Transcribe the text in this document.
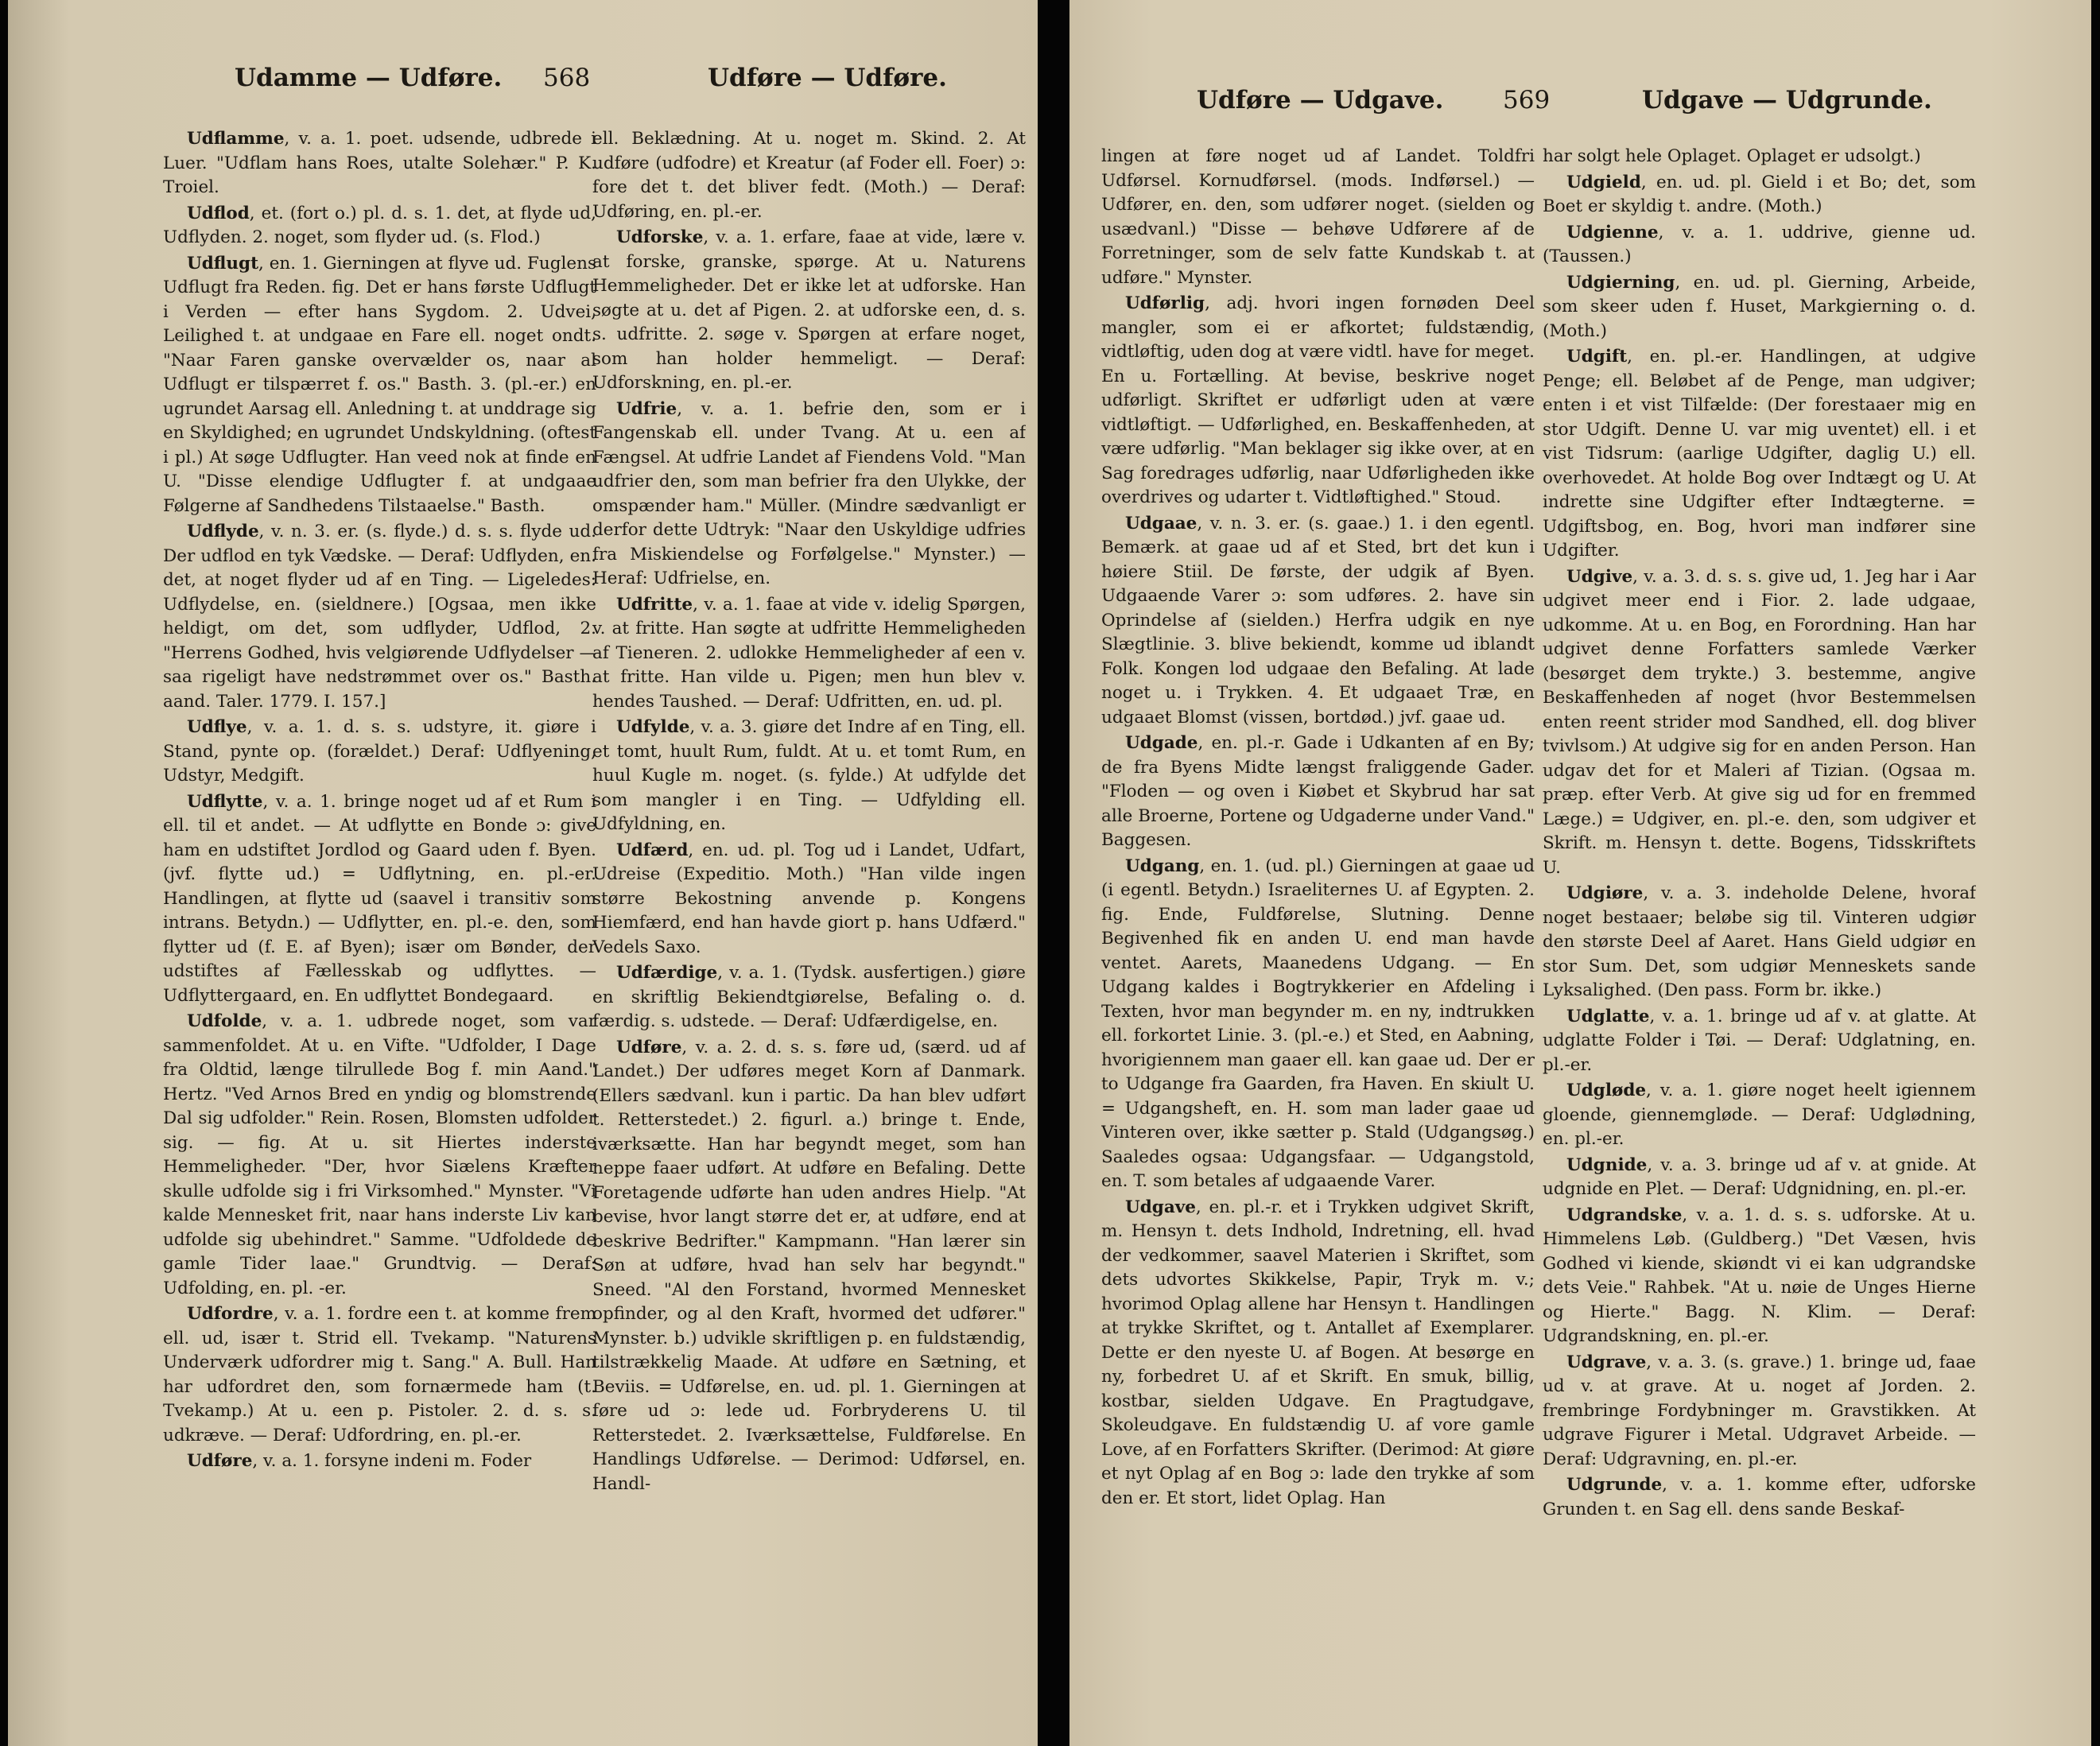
Udamme — Udføre. 568	Udføre — Udføre.

Udflamme, v. a. 1. poet. udsende, udbrede i Luer. "Udflam hans Roes, utalte Solehær." P. K. Troiel.

Udflod, et. (fort o.) pl. d. s. 1. det, at flyde ud, Udflyden. 2. noget, som flyder ud. (s. Flod.)

Udflugt, en. 1. Gierningen at flyve ud. Fuglens Udflugt fra Reden. fig. Det er hans første Udflugt i Verden — efter hans Sygdom. 2. Udvei, Leilighed t. at undgaae en Fare ell. noget ondt. "Naar Faren ganske overvælder os, naar al Udflugt er tilspærret f. os." Basth. 3. (pl.-er.) en ugrundet Aarsag ell. Anledning t. at unddrage sig en Skyldighed; en ugrundet Undskyldning. (oftest i pl.) At søge Udflugter. Han veed nok at finde en U. "Disse elendige Udflugter f. at undgaae Følgerne af Sandhedens Tilstaaelse." Basth.

Udflyde, v. n. 3. er. (s. flyde.) d. s. s. flyde ud. Der udflod en tyk Vædske. — Deraf: Udflyden, en. det, at noget flyder ud af en Ting. — Ligeledes: Udflydelse, en. (sieldnere.) [Ogsaa, men ikke heldigt, om det, som udflyder, Udflod, 2. "Herrens Godhed, hvis velgiørende Udflydelser — saa rigeligt have nedstrømmet over os." Basth. aand. Taler. 1779. I. 157.]

Udflye, v. a. 1. d. s. s. udstyre, it. giøre i Stand, pynte op. (forældet.) Deraf: Udflyening, Udstyr, Medgift.

Udflytte, v. a. 1. bringe noget ud af et Rum i ell. til et andet. — At udflytte en Bonde ɔ: give ham en udstiftet Jordlod og Gaard uden f. Byen. (jvf. flytte ud.) = Udflytning, en. pl.-er. Handlingen, at flytte ud (saavel i transitiv som intrans. Betydn.) — Udflytter, en. pl.-e. den, som flytter ud (f. E. af Byen); især om Bønder, der udstiftes af Fællesskab og udflyttes. — Udflyttergaard, en. En udflyttet Bondegaard.

Udfolde, v. a. 1. udbrede noget, som var sammenfoldet. At u. en Vifte. "Udfolder, I Dage fra Oldtid, længe tilrullede Bog f. min Aand." Hertz. "Ved Arnos Bred en yndig og blomstrende Dal sig udfolder." Rein. Rosen, Blomsten udfolder sig. — fig. At u. sit Hiertes inderste Hemmeligheder. "Der, hvor Siælens Kræfter skulle udfolde sig i fri Virksomhed." Mynster. "Vi kalde Mennesket frit, naar hans inderste Liv kan udfolde sig ubehindret." Samme. "Udfoldede de gamle Tider laae." Grundtvig. — Deraf: Udfolding, en. pl. -er.

Udfordre, v. a. 1. fordre een t. at komme frem ell. ud, især t. Strid ell. Tvekamp. "Naturens Underværk udfordrer mig t. Sang." A. Bull. Han har udfordret den, som fornærmede ham (t. Tvekamp.) At u. een p. Pistoler. 2. d. s. s. udkræve. — Deraf: Udfordring, en. pl.-er.

Udføre, v. a. 1. forsyne indeni m. Foder

ell. Beklædning. At u. noget m. Skind. 2. At udføre (udfodre) et Kreatur (af Foder ell. Foer) ɔ: fore det t. det bliver fedt. (Moth.) — Deraf: Udføring, en. pl.-er.

Udforske, v. a. 1. erfare, faae at vide, lære v. at forske, granske, spørge. At u. Naturens Hemmeligheder. Det er ikke let at udforske. Han søgte at u. det af Pigen. 2. at udforske een, d. s. s. udfritte. 2. søge v. Spørgen at erfare noget, som han holder hemmeligt. — Deraf: Udforskning, en. pl.-er.

Udfrie, v. a. 1. befrie den, som er i Fangenskab ell. under Tvang. At u. een af Fængsel. At udfrie Landet af Fiendens Vold. "Man udfrier den, som man befrier fra den Ulykke, der omspænder ham." Müller. (Mindre sædvanligt er derfor dette Udtryk: "Naar den Uskyldige udfries fra Miskiendelse og Forfølgelse." Mynster.) — Heraf: Udfrielse, en.

Udfritte, v. a. 1. faae at vide v. idelig Spørgen, v. at fritte. Han søgte at udfritte Hemmeligheden af Tieneren. 2. udlokke Hemmeligheder af een v. at fritte. Han vilde u. Pigen; men hun blev v. hendes Taushed. — Deraf: Udfritten, en. ud. pl.

Udfylde, v. a. 3. giøre det Indre af en Ting, ell. et tomt, huult Rum, fuldt. At u. et tomt Rum, en huul Kugle m. noget. (s. fylde.) At udfylde det som mangler i en Ting. — Udfylding ell. Udfyldning, en.

Udfærd, en. ud. pl. Tog ud i Landet, Udfart, Udreise (Expeditio. Moth.) "Han vilde ingen større Bekostning anvende p. Kongens Hiemfærd, end han havde giort p. hans Udfærd." Vedels Saxo.

Udfærdige, v. a. 1. (Tydsk. ausfertigen.) giøre en skriftlig Bekiendtgiørelse, Befaling o. d. færdig. s. udstede. — Deraf: Udfærdigelse, en.

Udføre, v. a. 2. d. s. s. føre ud, (særd. ud af Landet.) Der udføres meget Korn af Danmark. (Ellers sædvanl. kun i partic. Da han blev udført t. Retterstedet.) 2. figurl. a.) bringe t. Ende, iværksætte. Han har begyndt meget, som han neppe faaer udført. At udføre en Befaling. Dette Foretagende udførte han uden andres Hielp. "At bevise, hvor langt større det er, at udføre, end at beskrive Bedrifter." Kampmann. "Han lærer sin Søn at udføre, hvad han selv har begyndt." Sneed. "Al den Forstand, hvormed Mennesket opfinder, og al den Kraft, hvormed det udfører." Mynster. b.) udvikle skriftligen p. en fuldstændig, tilstrækkelig Maade. At udføre en Sætning, et Beviis. = Udførelse, en. ud. pl. 1. Gierningen at føre ud ɔ: lede ud. Forbryderens U. til Retterstedet. 2. Iværksættelse, Fuldførelse. En Handlings Udførelse. — Derimod: Udførsel, en. Handl-

Udføre — Udgave. 569	Udgave — Udgrunde.

lingen at føre noget ud af Landet. Toldfri Udførsel. Kornudførsel. (mods. Indførsel.) — Udfører, en. den, som udfører noget. (sielden og usædvanl.) "Disse — behøve Udførere af de Forretninger, som de selv fatte Kundskab t. at udføre." Mynster.

Udførlig, adj. hvori ingen fornøden Deel mangler, som ei er afkortet; fuldstændig, vidtløftig, uden dog at være vidtl. have for meget. En u. Fortælling. At bevise, beskrive noget udførligt. Skriftet er udførligt uden at være vidtløftigt. — Udførlighed, en. Beskaffenheden, at være udførlig. "Man beklager sig ikke over, at en Sag foredrages udførlig, naar Udførligheden ikke overdrives og udarter t. Vidtløftighed." Stoud.

Udgaae, v. n. 3. er. (s. gaae.) 1. i den egentl. Bemærk. at gaae ud af et Sted, brt det kun i høiere Stiil. De første, der udgik af Byen. Udgaaende Varer ɔ: som udføres. 2. have sin Oprindelse af (sielden.) Herfra udgik en nye Slægtlinie. 3. blive bekiendt, komme ud iblandt Folk. Kongen lod udgaae den Befaling. At lade noget u. i Trykken. 4. Et udgaaet Træ, en udgaaet Blomst (vissen, bortdød.) jvf. gaae ud.

Udgade, en. pl.-r. Gade i Udkanten af en By; de fra Byens Midte længst fraliggende Gader. "Floden — og oven i Kiøbet et Skybrud har sat alle Broerne, Portene og Udgaderne under Vand." Baggesen.

Udgang, en. 1. (ud. pl.) Gierningen at gaae ud (i egentl. Betydn.) Israeliternes U. af Egypten. 2. fig. Ende, Fuldførelse, Slutning. Denne Begivenhed fik en anden U. end man havde ventet. Aarets, Maanedens Udgang. — En Udgang kaldes i Bogtrykkerier en Afdeling i Texten, hvor man begynder m. en ny, indtrukken ell. forkortet Linie. 3. (pl.-e.) et Sted, en Aabning, hvorigiennem man gaaer ell. kan gaae ud. Der er to Udgange fra Gaarden, fra Haven. En skiult U. = Udgangsheft, en. H. som man lader gaae ud Vinteren over, ikke sætter p. Stald (Udgangsøg.) Saaledes ogsaa: Udgangsfaar. — Udgangstold, en. T. som betales af udgaaende Varer.

Udgave, en. pl.-r. et i Trykken udgivet Skrift, m. Hensyn t. dets Indhold, Indretning, ell. hvad der vedkommer, saavel Materien i Skriftet, som dets udvortes Skikkelse, Papir, Tryk m. v.; hvorimod Oplag allene har Hensyn t. Handlingen at trykke Skriftet, og t. Antallet af Exemplarer. Dette er den nyeste U. af Bogen. At besørge en ny, forbedret U. af et Skrift. En smuk, billig, kostbar, sielden Udgave. En Pragtudgave, Skoleudgave. En fuldstændig U. af vore gamle Love, af en Forfatters Skrifter. (Derimod: At giøre et nyt Oplag af en Bog ɔ: lade den trykke af som den er. Et stort, lidet Oplag. Han

har solgt hele Oplaget. Oplaget er udsolgt.)

Udgield, en. ud. pl. Gield i et Bo; det, som Boet er skyldig t. andre. (Moth.)

Udgienne, v. a. 1. uddrive, gienne ud. (Taussen.)

Udgierning, en. ud. pl. Gierning, Arbeide, som skeer uden f. Huset, Markgierning o. d. (Moth.)

Udgift, en. pl.-er. Handlingen, at udgive Penge; ell. Beløbet af de Penge, man udgiver; enten i et vist Tilfælde: (Der forestaaer mig en stor Udgift. Denne U. var mig uventet) ell. i et vist Tidsrum: (aarlige Udgifter, daglig U.) ell. overhovedet. At holde Bog over Indtægt og U. At indrette sine Udgifter efter Indtægterne. = Udgiftsbog, en. Bog, hvori man indfører sine Udgifter.

Udgive, v. a. 3. d. s. s. give ud, 1. Jeg har i Aar udgivet meer end i Fior. 2. lade udgaae, udkomme. At u. en Bog, en Forordning. Han har udgivet denne Forfatters samlede Værker (besørget dem trykte.) 3. bestemme, angive Beskaffenheden af noget (hvor Bestemmelsen enten reent strider mod Sandhed, ell. dog bliver tvivlsom.) At udgive sig for en anden Person. Han udgav det for et Maleri af Tizian. (Ogsaa m. præp. efter Verb. At give sig ud for en fremmed Læge.) = Udgiver, en. pl.-e. den, som udgiver et Skrift. m. Hensyn t. dette. Bogens, Tidsskriftets U.

Udgiøre, v. a. 3. indeholde Delene, hvoraf noget bestaaer; beløbe sig til. Vinteren udgiør den største Deel af Aaret. Hans Gield udgiør en stor Sum. Det, som udgiør Menneskets sande Lyksalighed. (Den pass. Form br. ikke.)

Udglatte, v. a. 1. bringe ud af v. at glatte. At udglatte Folder i Tøi. — Deraf: Udglatning, en. pl.-er.

Udgløde, v. a. 1. giøre noget heelt igiennem gloende, giennemgløde. — Deraf: Udglødning, en. pl.-er.

Udgnide, v. a. 3. bringe ud af v. at gnide. At udgnide en Plet. — Deraf: Udgnidning, en. pl.-er.

Udgrandske, v. a. 1. d. s. s. udforske. At u. Himmelens Løb. (Guldberg.) "Det Væsen, hvis Godhed vi kiende, skiøndt vi ei kan udgrandske dets Veie." Rahbek. "At u. nøie de Unges Hierne og Hierte." Bagg. N. Klim. — Deraf: Udgrandskning, en. pl.-er.

Udgrave, v. a. 3. (s. grave.) 1. bringe ud, faae ud v. at grave. At u. noget af Jorden. 2. frembringe Fordybninger m. Gravstikken. At udgrave Figurer i Metal. Udgravet Arbeide. — Deraf: Udgravning, en. pl.-er.

Udgrunde, v. a. 1. komme efter, udforske Grunden t. en Sag ell. dens sande Beskaf-
